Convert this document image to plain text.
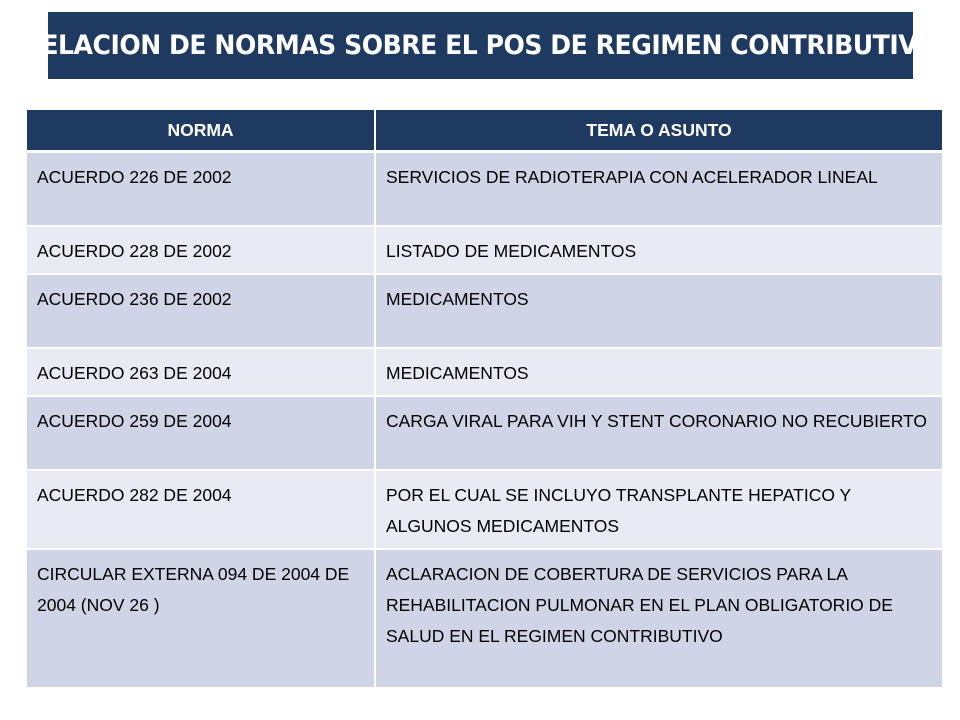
RELACION DE NORMAS SOBRE EL POS DE REGIMEN CONTRIBUTIVO
NORMA	TEMA O ASUNTO
ACUERDO 226 DE 2002	SERVICIOS DE RADIOTERAPIA CON ACELERADOR LINEAL
ACUERDO 228 DE 2002	LISTADO DE MEDICAMENTOS
ACUERDO 236 DE 2002	MEDICAMENTOS
ACUERDO 263 DE 2004	MEDICAMENTOS
ACUERDO 259 DE 2004	CARGA VIRAL PARA VIH Y STENT CORONARIO NO RECUBIERTO
ACUERDO 282 DE 2004	POR EL CUAL SE INCLUYO TRANSPLANTE HEPATICO Y ALGUNOS MEDICAMENTOS
CIRCULAR EXTERNA 094 DE 2004 DE 2004 (NOV 26 )	ACLARACION DE COBERTURA DE SERVICIOS PARA LA REHABILITACION PULMONAR EN EL PLAN OBLIGATORIO DE SALUD EN EL REGIMEN CONTRIBUTIVO
